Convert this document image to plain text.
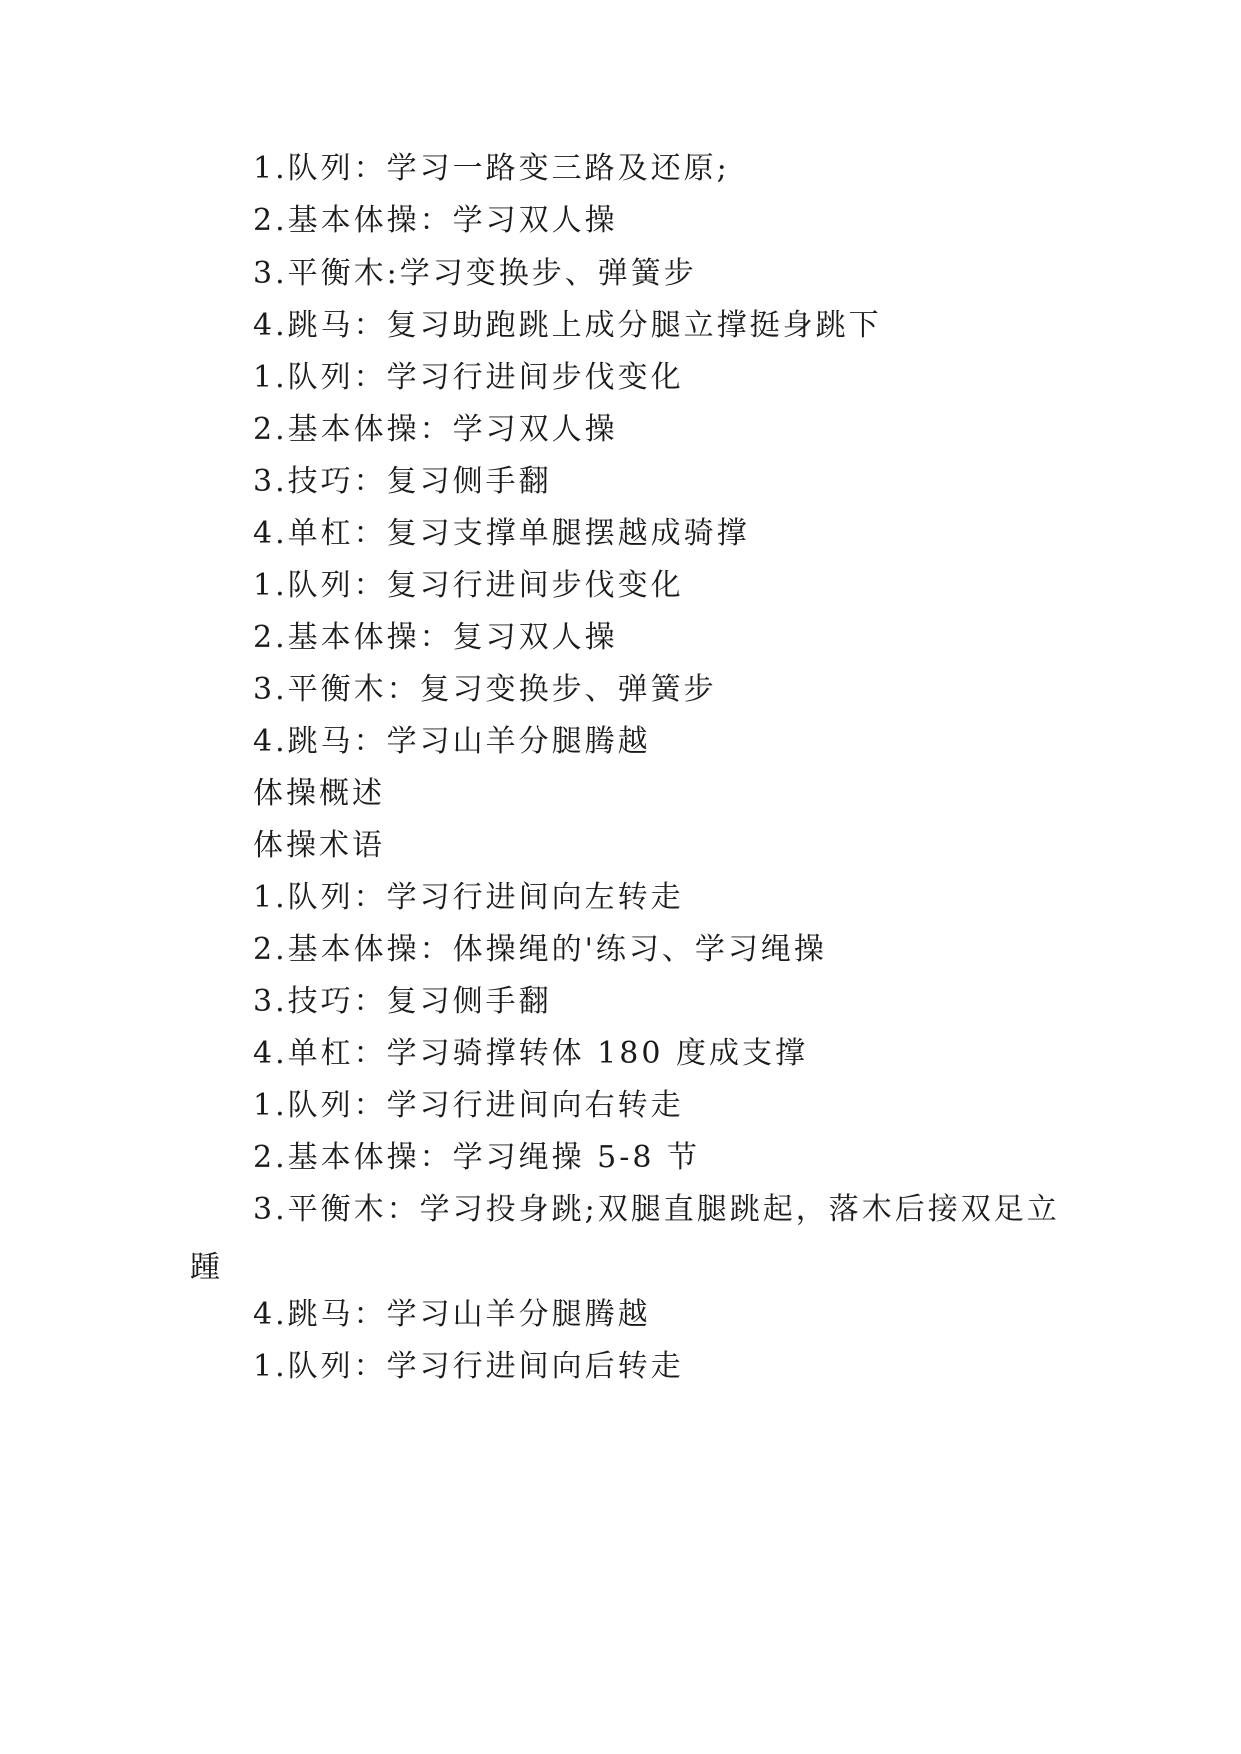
1.队列：学习一路变三路及还原;

2.基本体操：学习双人操

3.平衡木:学习变换步、弹簧步

4.跳马：复习助跑跳上成分腿立撑挺身跳下

1.队列：学习行进间步伐变化

2.基本体操：学习双人操

3.技巧：复习侧手翻

4.单杠：复习支撑单腿摆越成骑撑

1.队列：复习行进间步伐变化

2.基本体操：复习双人操

3.平衡木：复习变换步、弹簧步

4.跳马：学习山羊分腿腾越

体操概述

体操术语

1.队列：学习行进间向左转走

2.基本体操：体操绳的'练习、学习绳操

3.技巧：复习侧手翻

4.单杠：学习骑撑转体 180 度成支撑

1.队列：学习行进间向右转走

2.基本体操：学习绳操 5-8 节

3.平衡木：学习投身跳;双腿直腿跳起，落木后接双足立踵

4.跳马：学习山羊分腿腾越

1.队列：学习行进间向后转走
